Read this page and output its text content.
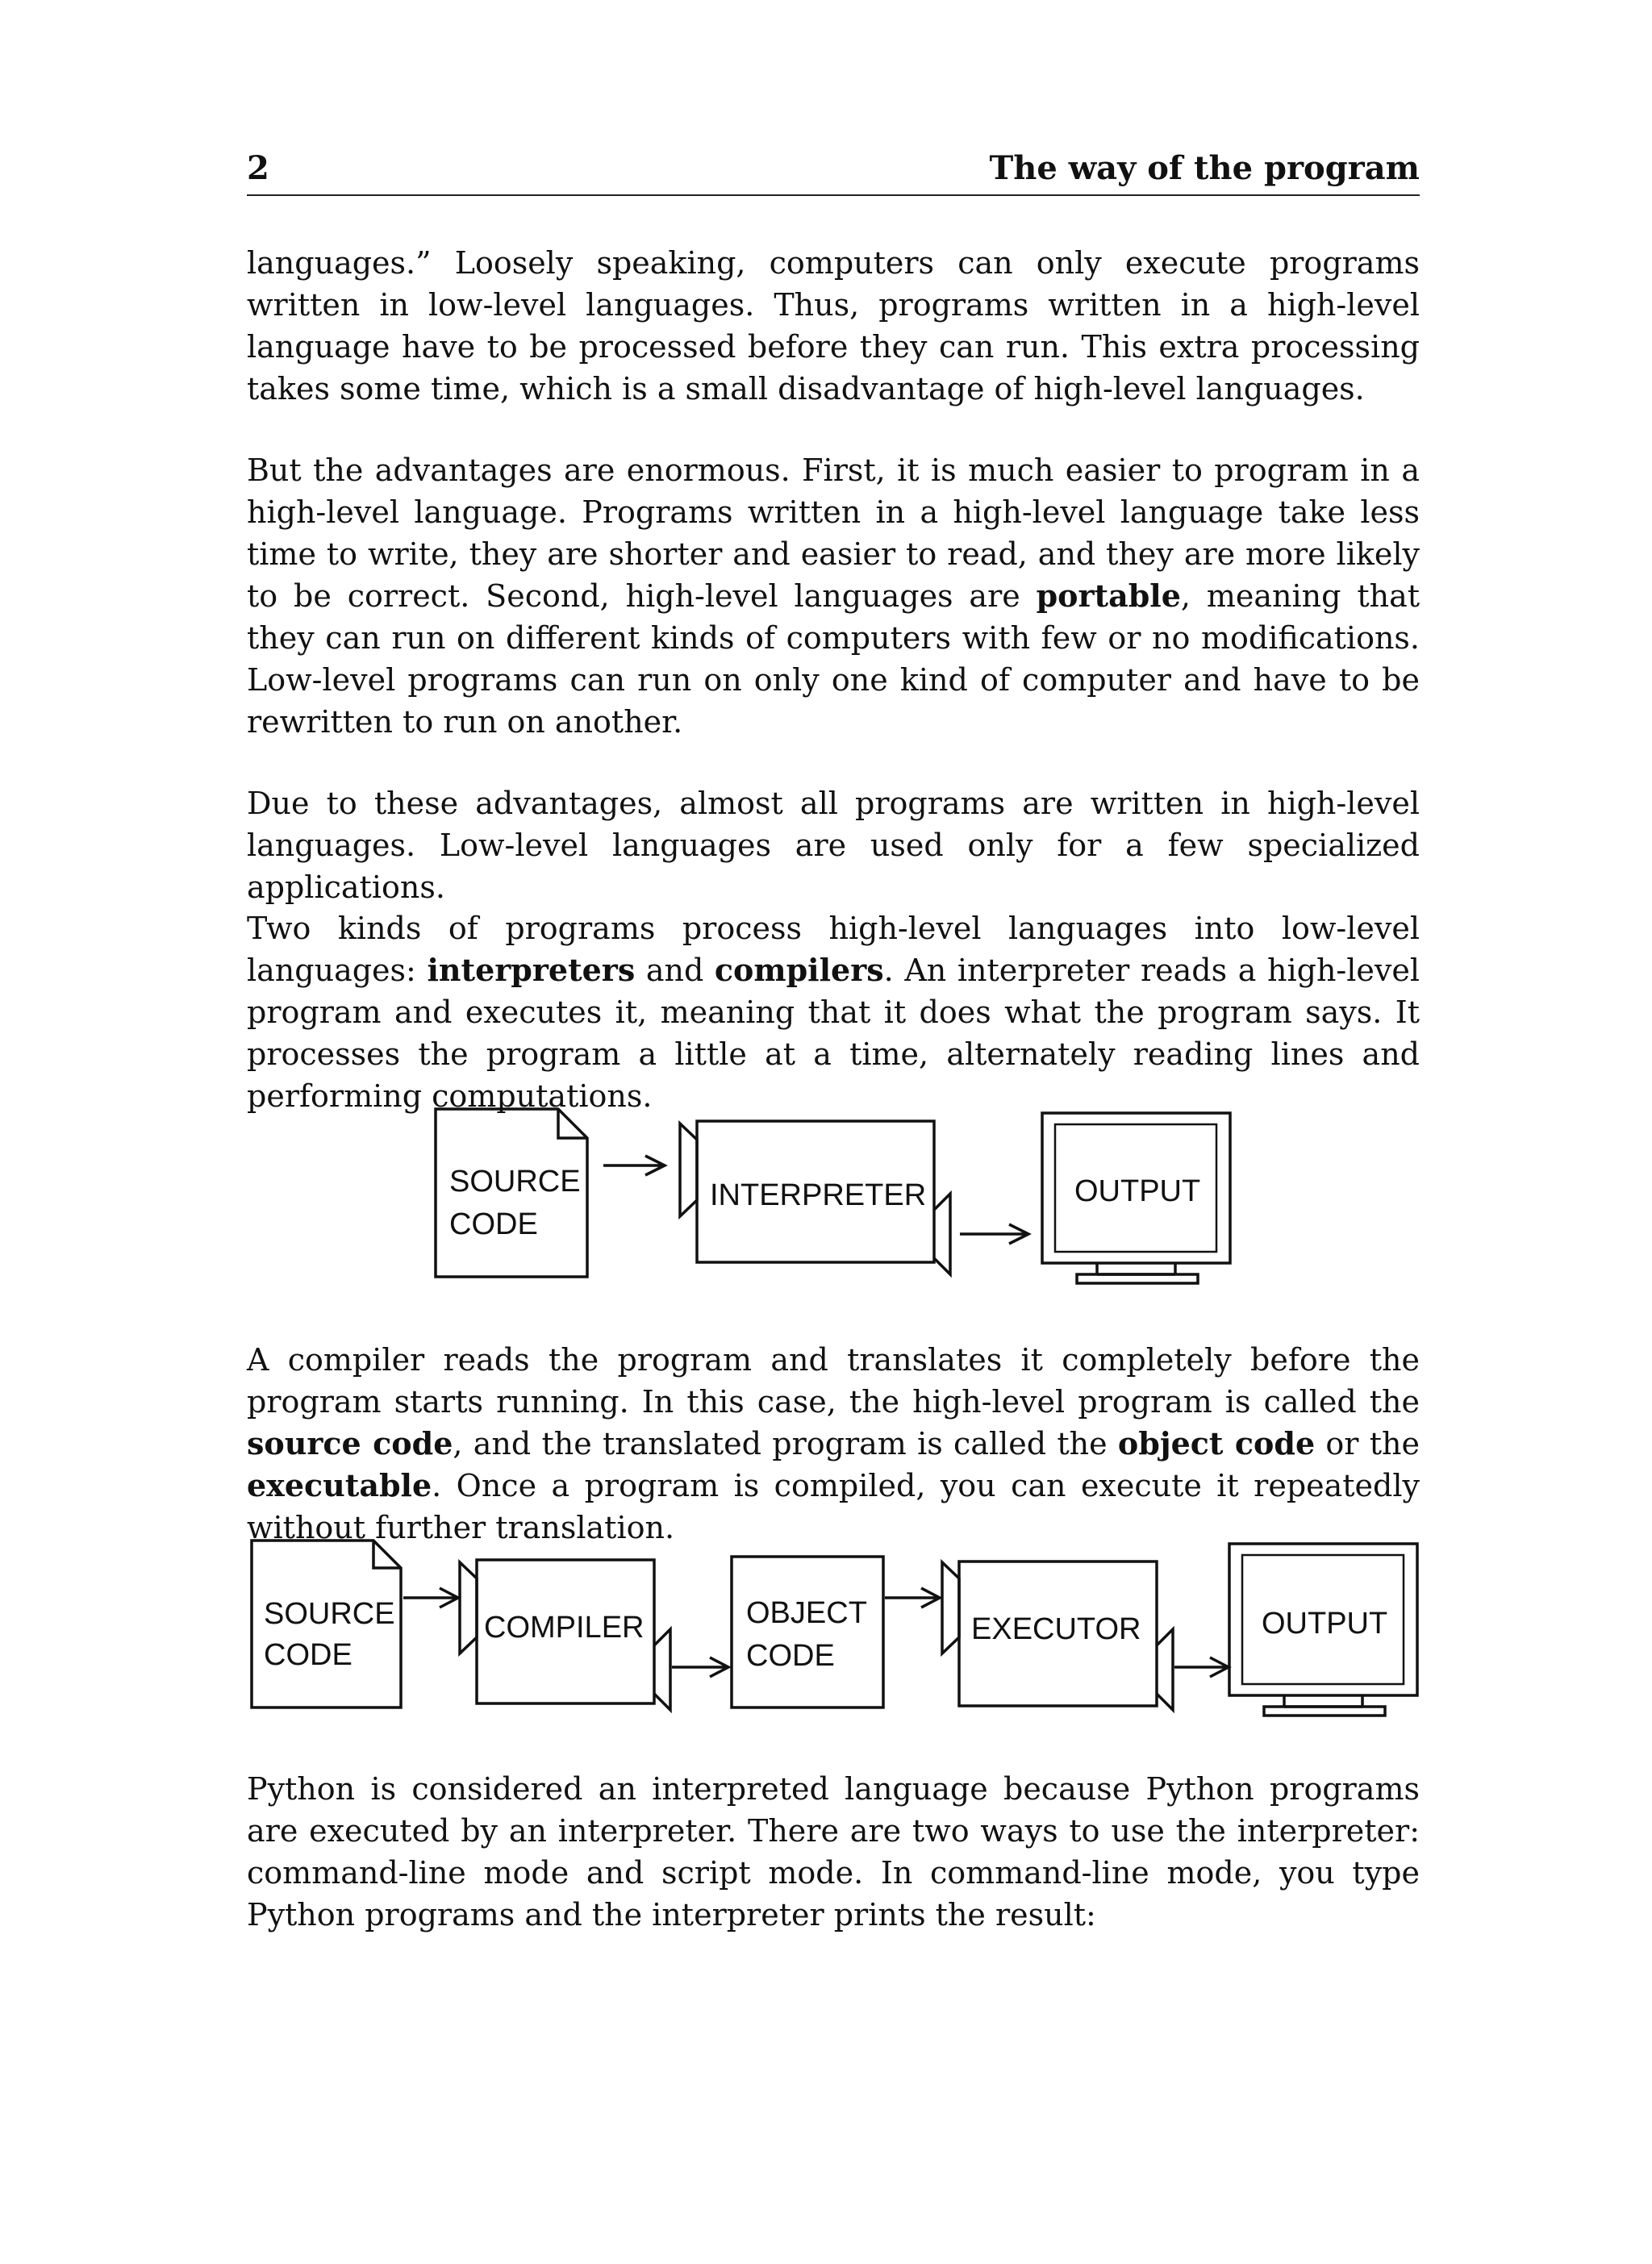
2	The way of the program

languages.” Loosely speaking, computers can only execute programs written in low-level languages. Thus, programs written in a high-level language have to be processed before they can run. This extra processing takes some time, which is a small disadvantage of high-level languages.

But the advantages are enormous. First, it is much easier to program in a high-level language. Programs written in a high-level language take less time to write, they are shorter and easier to read, and they are more likely to be correct. Second, high-level languages are portable, meaning that they can run on different kinds of computers with few or no modifications. Low-level programs can run on only one kind of computer and have to be rewritten to run on another.

Due to these advantages, almost all programs are written in high-level languages. Low-level languages are used only for a few specialized applications.

Two kinds of programs process high-level languages into low-level languages: interpreters and compilers. An interpreter reads a high-level program and executes it, meaning that it does what the program says. It processes the program a little at a time, alternately reading lines and performing computations.

SOURCE
CODE
INTERPRETER	OUTPUT

A compiler reads the program and translates it completely before the program starts running. In this case, the high-level program is called the source code, and the translated program is called the object code or the executable. Once a program is compiled, you can execute it repeatedly without further translation.

SOURCE
CODE
COMPILER	OBJECT
CODE
EXECUTOR	OUTPUT

Python is considered an interpreted language because Python programs are executed by an interpreter. There are two ways to use the interpreter: command-line mode and script mode. In command-line mode, you type Python programs and the interpreter prints the result:
